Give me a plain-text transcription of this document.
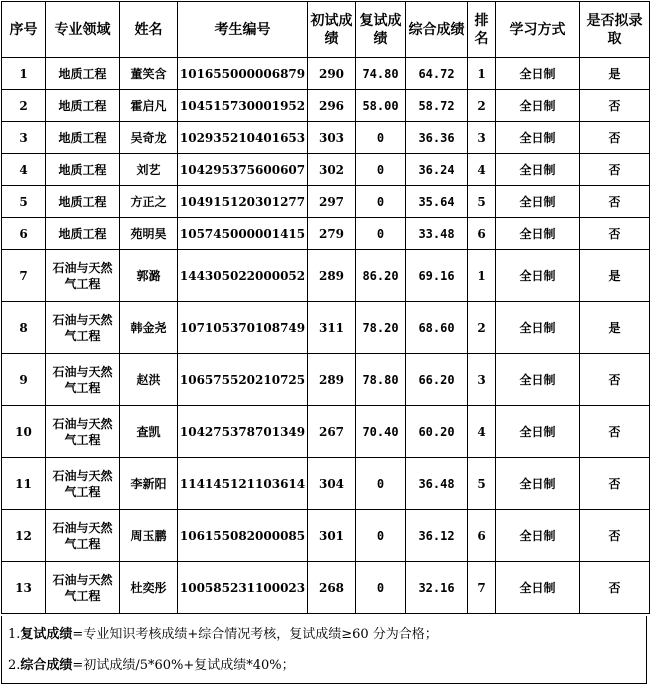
序号	专业领域	姓名	考生编号	初试成绩	复试成绩	综合成绩	排名	学习方式	是否拟录取
1	地质工程	董笑含	101655000006879	290	74.80	64.72	1	全日制	是
2	地质工程	霍启凡	104515730001952	296	58.00	58.72	2	全日制	否
3	地质工程	吴奇龙	102935210401653	303	0	36.36	3	全日制	否
4	地质工程	刘艺	104295375600607	302	0	36.24	4	全日制	否
5	地质工程	方正之	104915120301277	297	0	35.64	5	全日制	否
6	地质工程	苑明昊	105745000001415	279	0	33.48	6	全日制	否
7	石油与天然气工程	郭潞	144305022000052	289	86.20	69.16	1	全日制	是
8	石油与天然气工程	韩金尧	107105370108749	311	78.20	68.60	2	全日制	是
9	石油与天然气工程	赵洪	106575520210725	289	78.80	66.20	3	全日制	否
10	石油与天然气工程	查凯	104275378701349	267	70.40	60.20	4	全日制	否
11	石油与天然气工程	李新阳	114145121103614	304	0	36.48	5	全日制	否
12	石油与天然气工程	周玉鹏	106155082000085	301	0	36.12	6	全日制	否
13	石油与天然气工程	杜奕彤	100585231100023	268	0	32.16	7	全日制	否
1.复试成绩=专业知识考核成绩+综合情况考核，复试成绩≥60 分为合格；
2.综合成绩=初试成绩/5*60%+复试成绩*40%；
